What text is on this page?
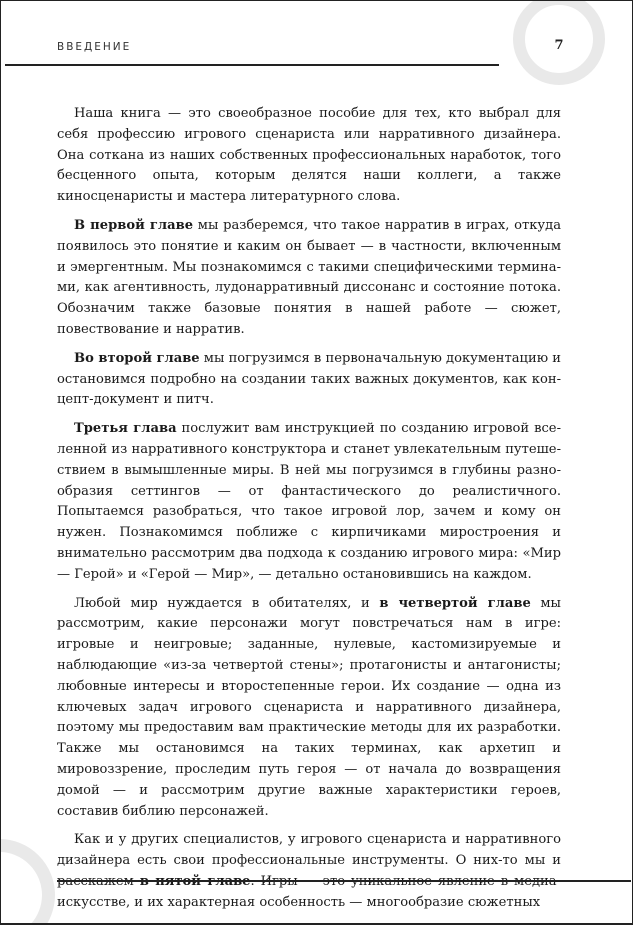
ВВЕДЕНИЕ	7

Наша книга — это своеобразное пособие для тех, кто выбрал для себя профессию игрового сценариста или нарративного дизайнера. Она соткана из наших собственных профессиональных наработок, того бесценного опыта, которым делятся наши коллеги, а также киносценаристы и мастера литературного слова.

В первой главе мы разберемся, что такое нарратив в играх, откуда появилось это понятие и каким он бывает — в частности, включенным и эмергентным. Мы познакомимся с такими специфическими терминами, как агентивность, лудонарративный диссонанс и состояние потока. Обозначим также базовые понятия в нашей работе — сюжет, повествование и нарратив.

Во второй главе мы погрузимся в первоначальную документацию и остановимся подробно на создании таких важных документов, как концепт-документ и питч.

Третья глава послужит вам инструкцией по созданию игровой вселенной из нарративного конструктора и станет увлекательным путешествием в вымышленные миры. В ней мы погрузимся в глубины разнообразия сеттингов — от фантастического до реалистичного. Попытаемся разобраться, что такое игровой лор, зачем и кому он нужен. Познакомимся поближе с кирпичиками миростроения и внимательно рассмотрим два подхода к созданию игрового мира: «Мир — Герой» и «Герой — Мир», — детально остановившись на каждом.

Любой мир нуждается в обитателях, и в четвертой главе мы рассмотрим, какие персонажи могут повстречаться нам в игре: игровые и неигровые; заданные, нулевые, кастомизируемые и наблюдающие «из-за четвертой стены»; протагонисты и антагонисты; любовные интересы и второстепенные герои. Их создание — одна из ключевых задач игрового сценариста и нарративного дизайнера, поэтому мы предоставим вам практические методы для их разработки. Также мы остановимся на таких терминах, как архетип и мировоззрение, проследим путь героя — от начала до возвращения домой — и рассмотрим другие важные характеристики героев, составив библию персонажей.

Как и у других специалистов, у игрового сценариста и нарративного дизайнера есть свои профессиональные инструменты. О них-то мы и скусстве, и их характерная особенность — многообразие сюжетных
